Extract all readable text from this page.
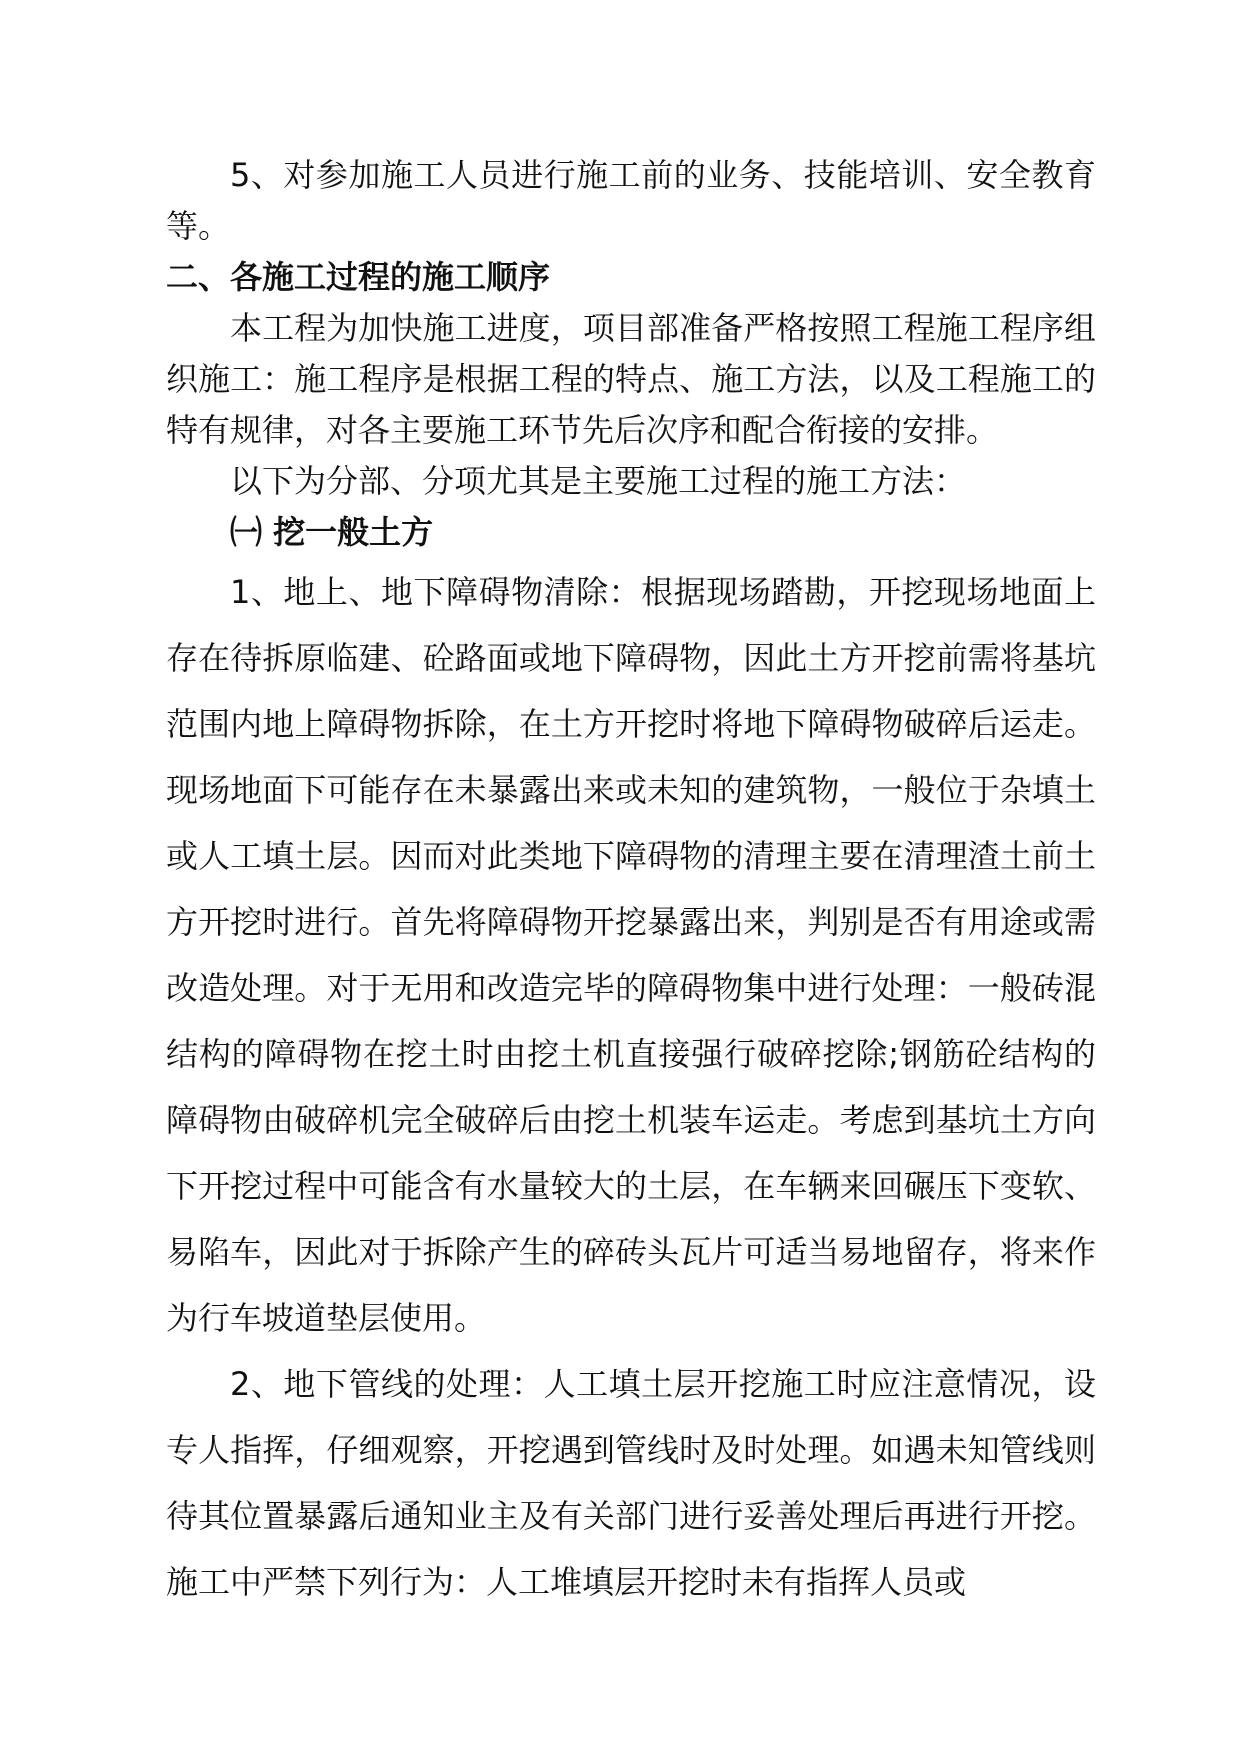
5、对参加施工人员进行施工前的业务、技能培训、安全教育等。

二、各施工过程的施工顺序

本工程为加快施工进度，项目部准备严格按照工程施工程序组织施工：施工程序是根据工程的特点、施工方法，以及工程施工的特有规律，对各主要施工环节先后次序和配合衔接的安排。

以下为分部、分项尤其是主要施工过程的施工方法：

㈠ 挖一般土方

1、地上、地下障碍物清除：根据现场踏勘，开挖现场地面上存在待拆原临建、砼路面或地下障碍物，因此土方开挖前需将基坑范围内地上障碍物拆除，在土方开挖时将地下障碍物破碎后运走。现场地面下可能存在未暴露出来或未知的建筑物，一般位于杂填土或人工填土层。因而对此类地下障碍物的清理主要在清理渣土前土方开挖时进行。首先将障碍物开挖暴露出来，判别是否有用途或需改造处理。对于无用和改造完毕的障碍物集中进行处理：一般砖混结构的障碍物在挖土时由挖土机直接强行破碎挖除;钢筋砼结构的障碍物由破碎机完全破碎后由挖土机装车运走。考虑到基坑土方向下开挖过程中可能含有水量较大的土层，在车辆来回碾压下变软、易陷车，因此对于拆除产生的碎砖头瓦片可适当易地留存，将来作为行车坡道垫层使用。

2、地下管线的处理：人工填土层开挖施工时应注意情况，设专人指挥，仔细观察，开挖遇到管线时及时处理。如遇未知管线则待其位置暴露后通知业主及有关部门进行妥善处理后再进行开挖。施工中严禁下列行为：人工堆填层开挖时未有指挥人员或
